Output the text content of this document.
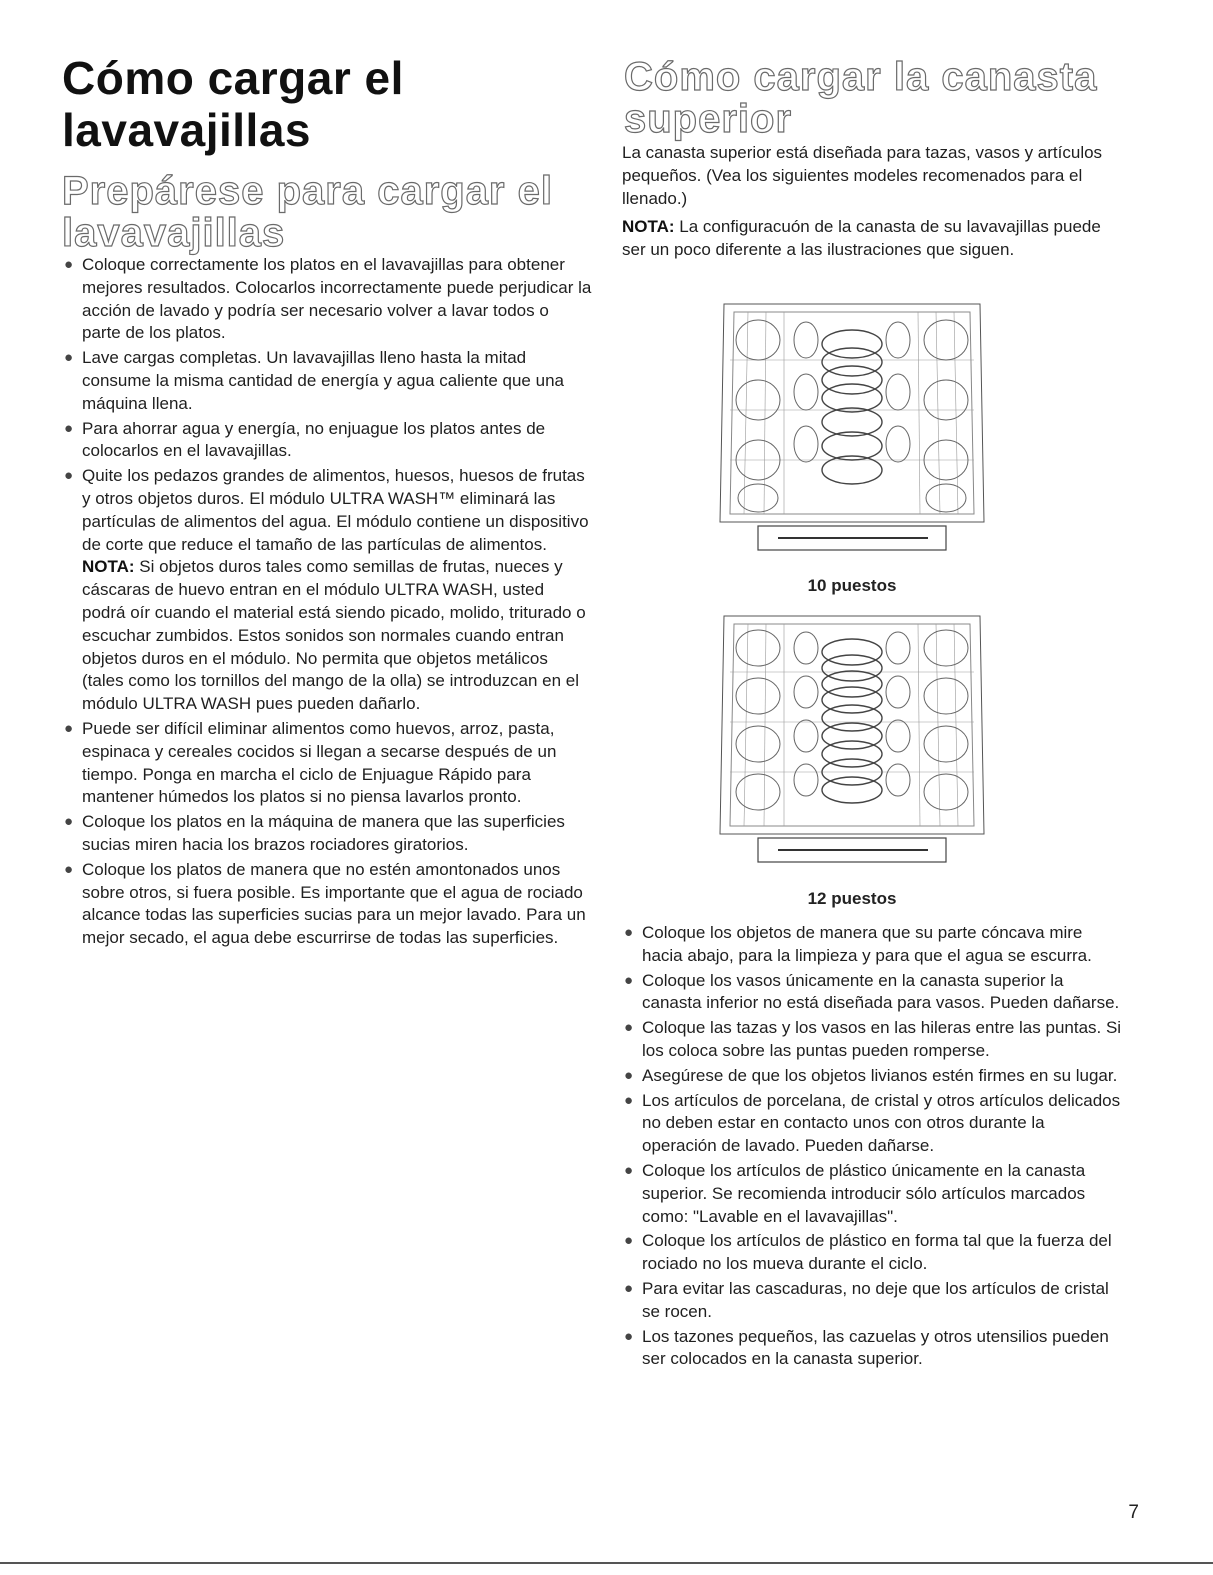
Cómo cargar el lavavajillas
Prepárese para cargar el lavavajillas
● Coloque correctamente los platos en el lavavajillas para obtener mejores resultados. Colocarlos incorrectamente puede perjudicar la acción de lavado y podría ser necesario volver a lavar todos o parte de los platos.
● Lave cargas completas. Un lavavajillas lleno hasta la mitad consume la misma cantidad de energía y agua caliente que una máquina llena.
● Para ahorrar agua y energía, no enjuague los platos antes de colocarlos en el lavavajillas.
● Quite los pedazos grandes de alimentos, huesos, huesos de frutas y otros objetos duros. El módulo ULTRA WASH™ eliminará las partículas de alimentos del agua. El módulo contiene un dispositivo de corte que reduce el tamaño de las partículas de alimentos.
NOTA: Si objetos duros tales como semillas de frutas, nueces y cáscaras de huevo entran en el módulo ULTRA WASH, usted podrá oír cuando el material está siendo picado, molido, triturado o escuchar zumbidos. Estos sonidos son normales cuando entran objetos duros en el módulo. No permita que objetos metálicos (tales como los tornillos del mango de la olla) se introduzcan en el módulo ULTRA WASH pues pueden dañarlo.
● Puede ser difícil eliminar alimentos como huevos, arroz, pasta, espinaca y cereales cocidos si llegan a secarse después de un tiempo. Ponga en marcha el ciclo de Enjuague Rápido para mantener húmedos los platos si no piensa lavarlos pronto.
● Coloque los platos en la máquina de manera que las superficies sucias miren hacia los brazos rociadores giratorios.
● Coloque los platos de manera que no estén amontonados unos sobre otros, si fuera posible. Es importante que el agua de rociado alcance todas las superficies sucias para un mejor lavado. Para un mejor secado, el agua debe escurrirse de todas las superficies.
Cómo cargar la canasta superior

La canasta superior está diseñada para tazas, vasos y artículos pequeños. (Vea los siguientes modeles recomenados para el llenado.)

NOTA: La configuracuón de la canasta de su lavavajillas puede ser un poco diferente a las ilustraciones que siguen.

● Coloque los objetos de manera que su parte cóncava mire hacia abajo, para la limpieza y para que el agua se escurra.
● Coloque los vasos únicamente en la canasta superior la canasta inferior no está diseñada para vasos. Pueden dañarse.
● Coloque las tazas y los vasos en las hileras entre las puntas. Si los coloca sobre las puntas pueden romperse.
● Asegúrese de que los objetos livianos estén firmes en su lugar.
● Los artículos de porcelana, de cristal y otros artículos delicados no deben estar en contacto unos con otros durante la operación de lavado. Pueden dañarse.
● Coloque los artículos de plástico únicamente en la canasta superior. Se recomienda introducir sólo artículos marcados como: "Lavable en el lavavajillas".
● Coloque los artículos de plástico en forma tal que la fuerza del rociado no los mueva durante el ciclo.
● Para evitar las cascaduras, no deje que los artículos de cristal se rocen.
● Los tazones pequeños, las cazuelas y otros utensilios pueden ser colocados en la canasta superior.
10 puestos
12 puestos
7
